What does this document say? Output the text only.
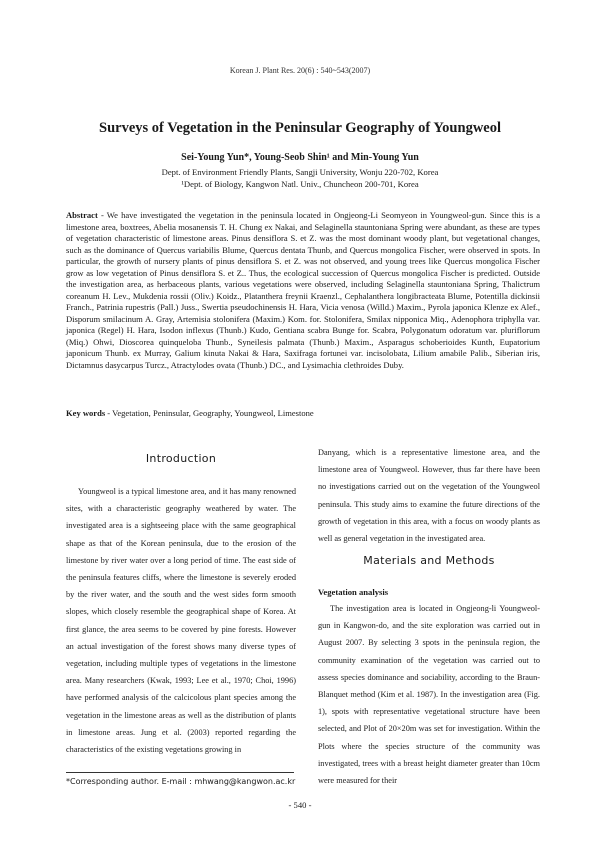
Korean J. Plant Res. 20(6) : 540~543(2007)
Surveys of Vegetation in the Peninsular Geography of Youngweol
Sei-Young Yun*, Young-Seob Shin¹ and Min-Young Yun
Dept. of Environment Friendly Plants, Sangji University, Wonju 220-702, Korea
¹Dept. of Biology, Kangwon Natl. Univ., Chuncheon 200-701, Korea
Abstract - We have investigated the vegetation in the peninsula located in Ongjeong-Li Seomyeon in Youngweol-gun. Since this is a limestone area, boxtrees, Abelia mosanensis T. H. Chung ex Nakai, and Selaginella stauntoniana Spring were abundant, as these are types of vegetation characteristic of limestone areas. Pinus densiflora S. et Z. was the most dominant woody plant, but vegetational changes, such as the dominance of Quercus variabilis Blume, Quercus dentata Thunb, and Quercus mongolica Fischer, were observed in spots. In particular, the growth of nursery plants of pinus densiflora S. et Z. was not observed, and young trees like Quercus mongolica Fischer grow as low vegetation of Pinus densiflora S. et Z.. Thus, the ecological succession of Quercus mongolica Fischer is predicted. Outside the investigation area, as herbaceous plants, various vegetations were observed, including Selaginella stauntoniana Spring, Thalictrum coreanum H. Lev., Mukdenia rossii (Oliv.) Koidz., Platanthera freynii Kraenzl., Cephalanthera longibracteata Blume, Potentilla dickinsii Franch., Patrinia rupestris (Pall.) Juss., Swertia pseudochinensis H. Hara, Vicia venosa (Willd.) Maxim., Pyrola japonica Klenze ex Alef., Disporum smilacinum A. Gray, Artemisia stolonifera (Maxim.) Kom. for. Stolonifera, Smilax nipponica Miq., Adenophora triphylla var. japonica (Regel) H. Hara, Isodon inflexus (Thunb.) Kudo, Gentiana scabra Bunge for. Scabra, Polygonatum odoratum var. pluriflorum (Miq.) Ohwi, Dioscorea quinqueloba Thunb., Syneilesis palmata (Thunb.) Maxim., Asparagus schoberioides Kunth, Eupatorium japonicum Thunb. ex Murray, Galium kinuta Nakai & Hara, Saxifraga fortunei var. incisolobata, Lilium amabile Palib., Siberian iris, Dictamnus dasycarpus Turcz., Atractylodes ovata (Thunb.) DC., and Lysimachia clethroides Duby.
Key words - Vegetation, Peninsular, Geography, Youngweol, Limestone
Introduction
Youngweol is a typical limestone area, and it has many renowned sites, with a characteristic geography weathered by water. The investigated area is a sightseeing place with the same geographical shape as that of the Korean peninsula, due to the erosion of the limestone by river water over a long period of time. The east side of the peninsula features cliffs, where the limestone is severely eroded by the river water, and the south and the west sides form smooth slopes, which closely resemble the geographical shape of Korea. At first glance, the area seems to be covered by pine forests. However an actual investigation of the forest shows many diverse types of vegetation, including multiple types of vegetations in the limestone area. Many researchers (Kwak, 1993; Lee et al., 1970; Choi, 1996) have performed analysis of the calcicolous plant species among the vegetation in the limestone areas as well as the distribution of plants in limestone areas. Jung et al. (2003) reported regarding the characteristics of the existing vegetations growing in
Danyang, which is a representative limestone area, and the limestone area of Youngweol. However, thus far there have been no investigations carried out on the vegetation of the Youngweol peninsula. This study aims to examine the future directions of the growth of vegetation in this area, with a focus on woody plants as well as general vegetation in the investigated area.
Materials and Methods
Vegetation analysis
The investigation area is located in Ongjeong-li Youngweol-gun in Kangwon-do, and the site exploration was carried out in August 2007. By selecting 3 spots in the peninsula region, the community examination of the vegetation was carried out to assess species dominance and sociability, according to the Braun-Blanquet method (Kim et al. 1987). In the investigation area (Fig. 1), spots with representative vegetational structure have been selected, and Plot of 20×20m was set for investigation. Within the Plots where the species structure of the community was investigated, trees with a breast height diameter greater than 10cm were measured for their
*Corresponding author. E-mail : mhwang@kangwon.ac.kr
- 540 -
